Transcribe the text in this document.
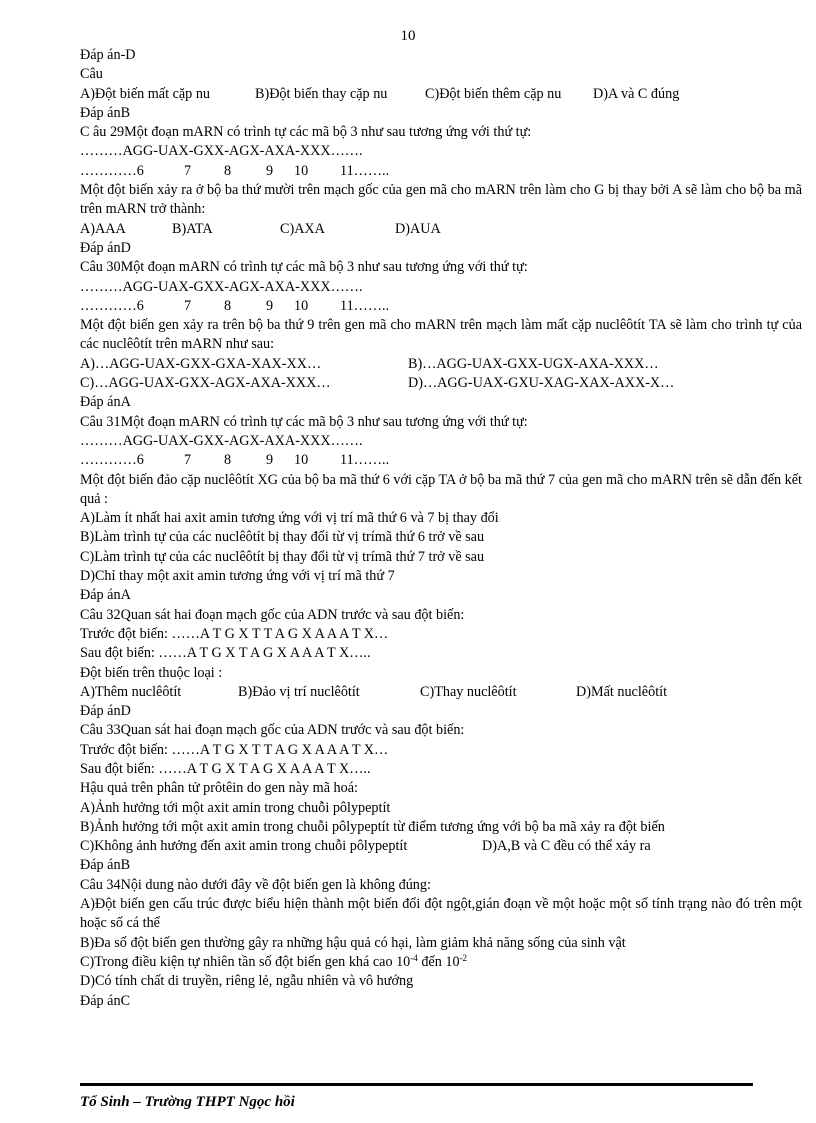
10
Đáp án-D
Câu
A)Đột biến mất cặp nu	B)Đột biến thay cặp nu	C)Đột biến thêm cặp nu	D)A và C đúng
Đáp ánB
C âu 29Một đoạn mARN có trình tự các mã bộ 3 như sau tương ứng với thứ tự:
………AGG-UAX-GXX-AGX-AXA-XXX…….
…………6	7	8	9	10	11……..
Một đột biến xảy ra ở bộ ba thứ mười trên mạch gốc của gen mã cho mARN trên làm cho G bị thay bởi A sẽ làm cho bộ ba mã trên mARN trở thành:
A)AAA	B)ATA	C)AXA	D)AUA
Đáp ánD
Câu 30Một đoạn mARN có trình tự các mã bộ 3 như sau tương ứng với thứ tự:
………AGG-UAX-GXX-AGX-AXA-XXX…….
…………6	7	8	9	10	11……..
Một đột biến gen xảy ra trên bộ ba thứ 9 trên gen mã cho mARN trên mạch làm mất cặp nuclêôtít TA sẽ làm cho trình tự của các nuclêôtít trên mARN như sau:
A)…AGG-UAX-GXX-GXA-XAX-XX…	B)…AGG-UAX-GXX-UGX-AXA-XXX…
C)…AGG-UAX-GXX-AGX-AXA-XXX…	D)…AGG-UAX-GXU-XAG-XAX-AXX-X…
Đáp ánA
Câu 31Một đoạn mARN có trình tự các mã bộ 3 như sau tương ứng với thứ tự:
………AGG-UAX-GXX-AGX-AXA-XXX…….
…………6	7	8	9	10	11……..
Một đột biến đảo cặp nuclêôtít XG của bộ ba mã thứ 6 với cặp TA ở bộ ba mã thứ 7 của gen mã cho mARN trên sẽ dẫn đến kết quả :
A)Làm ít nhất hai axit amin tương ứng với vị trí mã thứ 6 và 7 bị thay đổi
B)Làm trình tự của các nuclêôtít bị thay đổi từ vị trímã thứ 6 trở về sau
C)Làm trình tự của các nuclêôtít bị thay đổi từ vị trímã thứ 7 trở về sau
D)Chỉ thay một axit amin tương ứng với vị trí mã thứ 7
Đáp ánA
Câu 32Quan sát hai đoạn mạch gốc của ADN trước và sau đột biến:
Trước đột biến: ……A T G X T T A G X A A A T X…
Sau đột biến: ……A T G X T A G X A A A T X…..
Đột biến trên thuộc loại :
A)Thêm nuclêôtít	B)Đảo vị trí nuclêôtít	C)Thay nuclêôtít	D)Mất nuclêôtít
Đáp ánD
Câu 33Quan sát hai đoạn mạch gốc của ADN trước và sau đột biến:
Trước đột biến: ……A T G X T T A G X A A A T X…
Sau đột biến: ……A T G X T A G X A A A T X…..
Hậu quả trên phân tử prôtêin do gen này mã hoá:
A)Ảnh hưởng tới một axit amin trong chuỗi pôlypeptít
B)Ảnh hưởng tới một axit amin trong chuỗi pôlypeptít từ điểm tương ứng với bộ ba mã xảy ra đột biến
C)Không ảnh hưởng đến axit amin trong chuỗi pôlypeptít	D)A,B và C đều có thể xảy ra
Đáp ánB
Câu 34Nội dung nào dưới đây về đột biến gen là không đúng:
A)Đột biến gen cấu trúc được biểu hiện thành một biến đổi đột ngột,gián đoạn về một hoặc một số tính trạng nào đó trên một hoặc số cá thể
B)Đa số đột biến gen thường gây ra những hậu quả có hại, làm giảm khả năng sống của sinh vật
C)Trong điều kiện tự nhiên tần số đột biến gen khá cao $10^{-4}$ đến $10^{-2}$
D)Có tính chất di truyền, riêng lẻ, ngẫu nhiên và vô hướng
Đáp ánC
Tổ Sinh – Trường THPT Ngọc hồi
